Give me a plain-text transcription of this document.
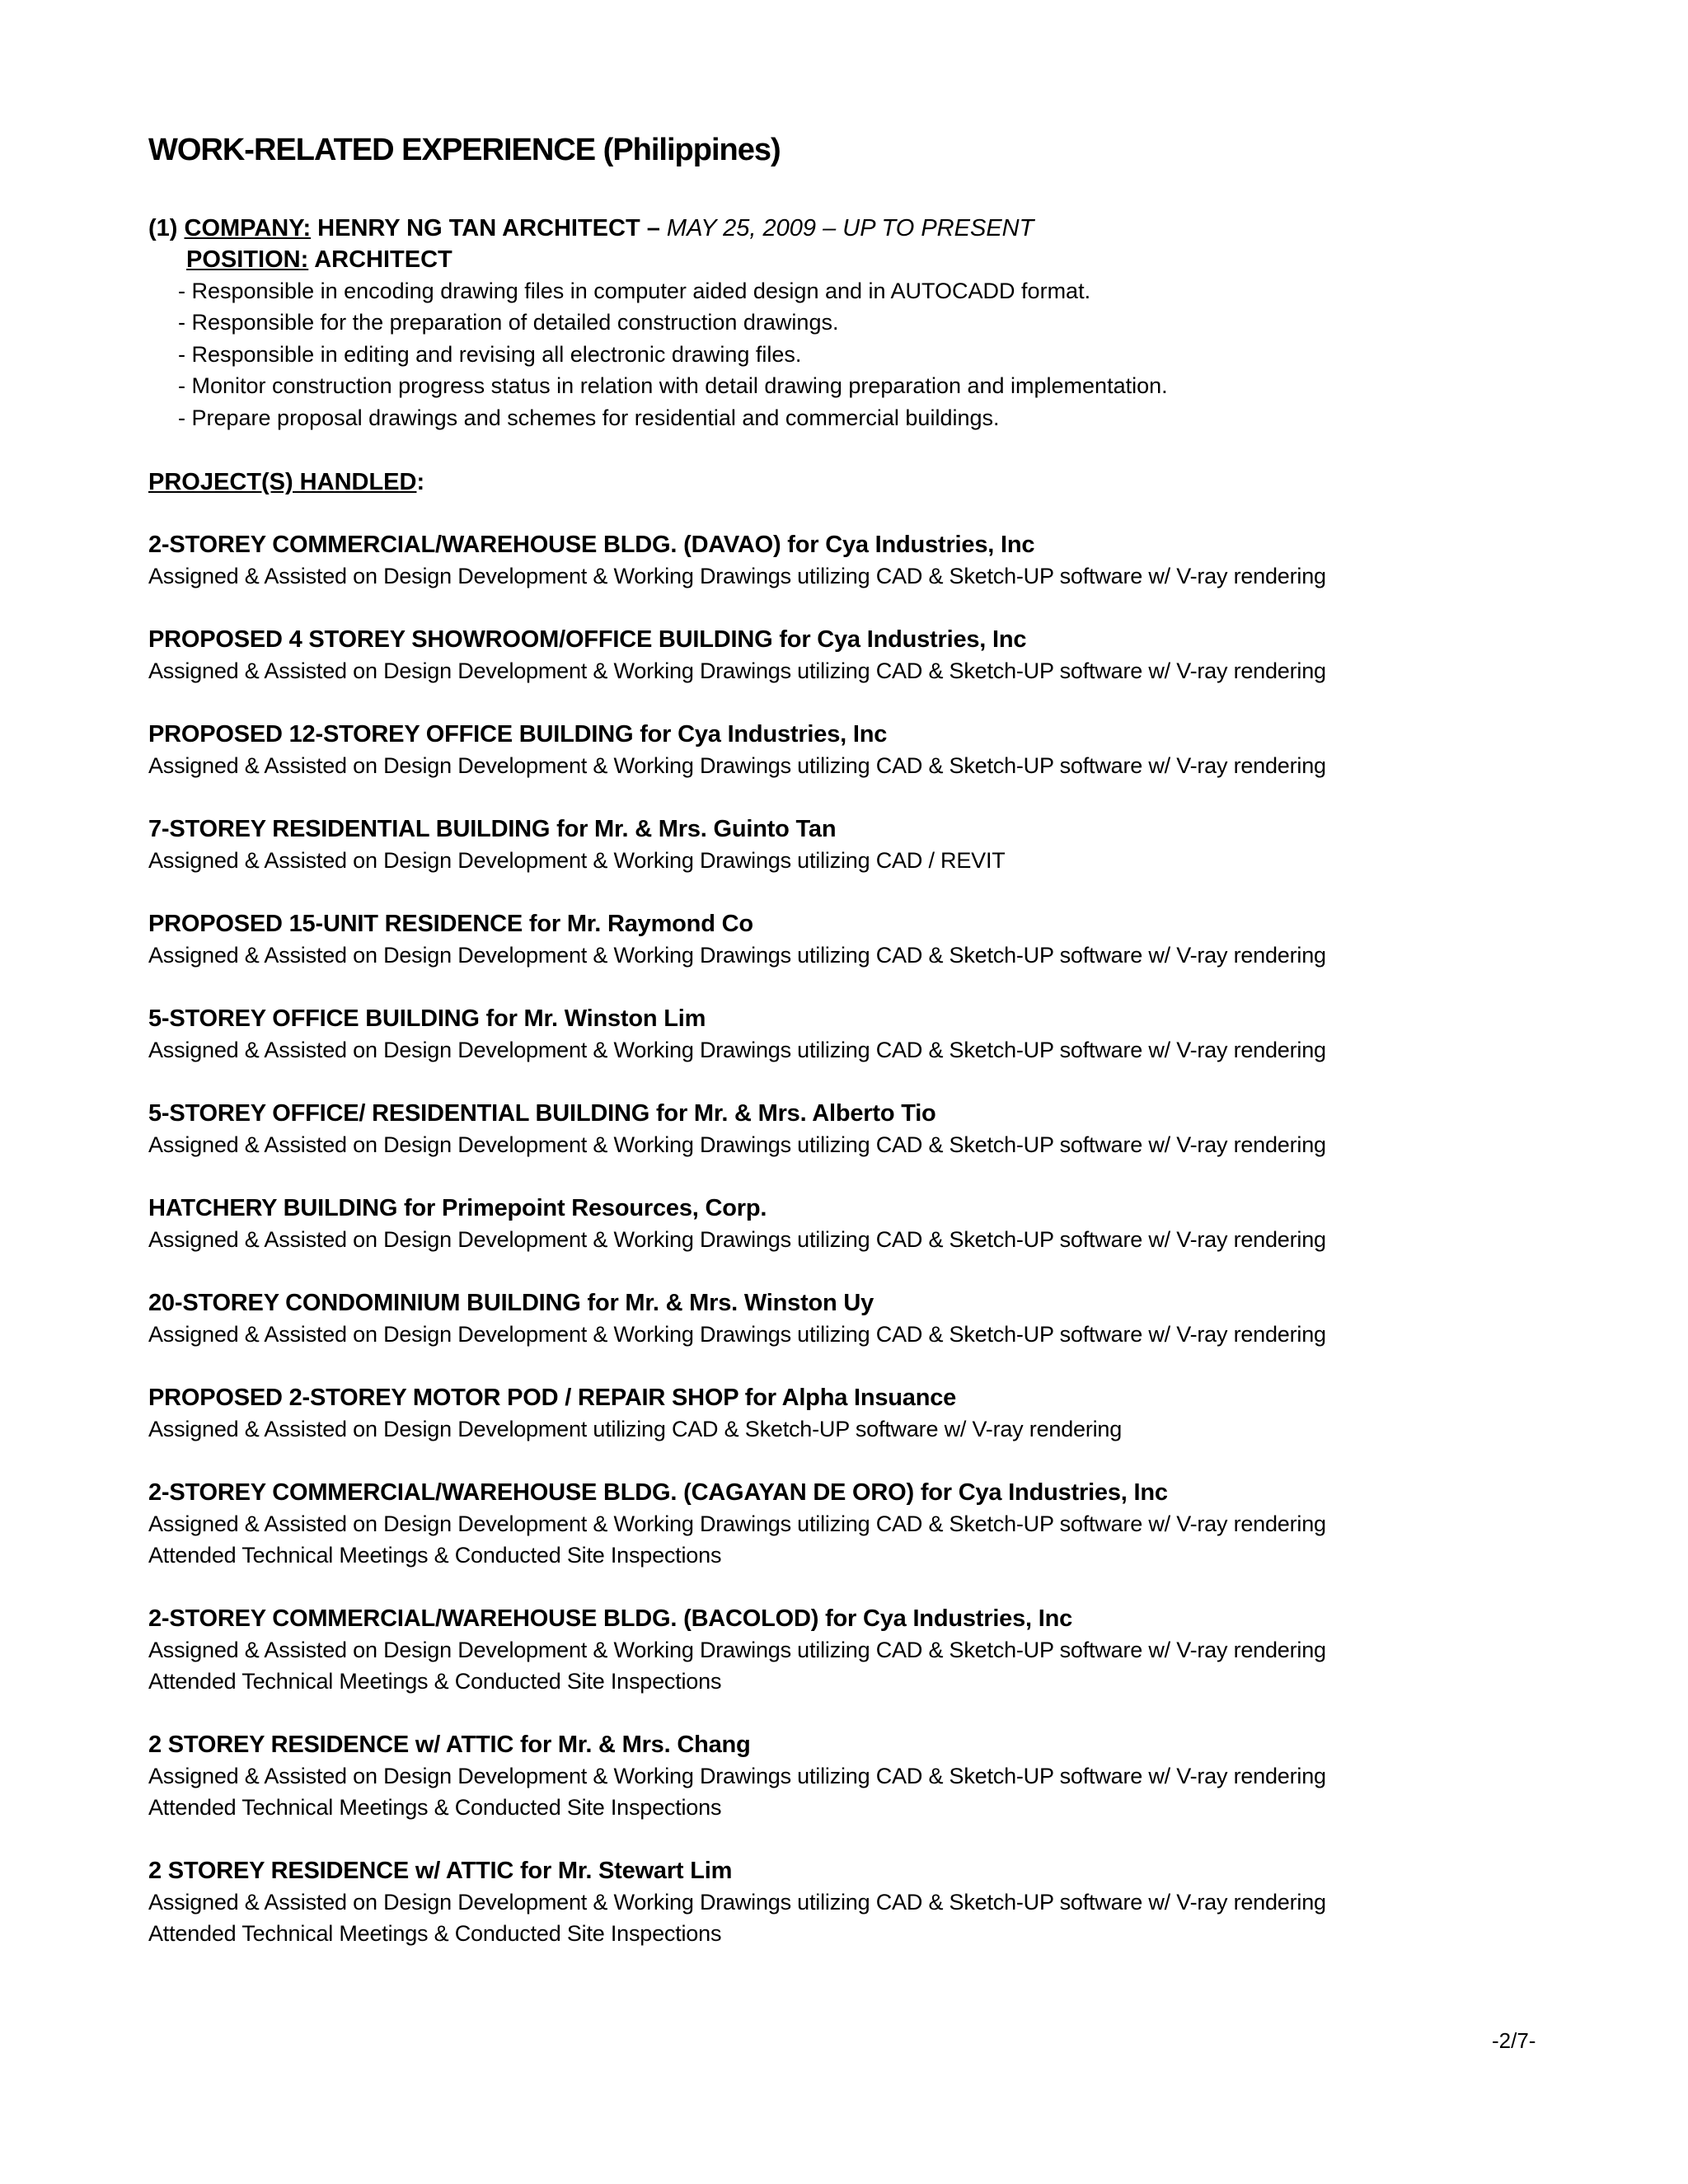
WORK-RELATED EXPERIENCE (Philippines)
(1) COMPANY: HENRY NG TAN ARCHITECT – MAY 25, 2009 – UP TO PRESENT
POSITION: ARCHITECT
- Responsible in encoding drawing files in computer aided design and in AUTOCADD format.
- Responsible for the preparation of detailed construction drawings.
- Responsible in editing and revising all electronic drawing files.
- Monitor construction progress status in relation with detail drawing preparation and implementation.
- Prepare proposal drawings and schemes for residential and commercial buildings.
PROJECT(S) HANDLED:
2-STOREY COMMERCIAL/WAREHOUSE BLDG. (DAVAO) for Cya Industries, Inc
Assigned & Assisted on Design Development & Working Drawings utilizing CAD & Sketch-UP software w/ V-ray rendering
PROPOSED 4 STOREY SHOWROOM/OFFICE BUILDING for Cya Industries, Inc
Assigned & Assisted on Design Development & Working Drawings utilizing CAD & Sketch-UP software w/ V-ray rendering
PROPOSED 12-STOREY OFFICE BUILDING for Cya Industries, Inc
Assigned & Assisted on Design Development & Working Drawings utilizing CAD & Sketch-UP software w/ V-ray rendering
7-STOREY RESIDENTIAL BUILDING for Mr. & Mrs. Guinto Tan
Assigned & Assisted on Design Development & Working Drawings utilizing CAD / REVIT
PROPOSED 15-UNIT RESIDENCE for Mr. Raymond Co
Assigned & Assisted on Design Development & Working Drawings utilizing CAD & Sketch-UP software w/ V-ray rendering
5-STOREY OFFICE BUILDING for Mr. Winston Lim
Assigned & Assisted on Design Development & Working Drawings utilizing CAD & Sketch-UP software w/ V-ray rendering
5-STOREY OFFICE/ RESIDENTIAL BUILDING for Mr. & Mrs. Alberto Tio
Assigned & Assisted on Design Development & Working Drawings utilizing CAD & Sketch-UP software w/ V-ray rendering
HATCHERY BUILDING for Primepoint Resources, Corp.
Assigned & Assisted on Design Development & Working Drawings utilizing CAD & Sketch-UP software w/ V-ray rendering
20-STOREY CONDOMINIUM BUILDING for Mr. & Mrs. Winston Uy
Assigned & Assisted on Design Development & Working Drawings utilizing CAD & Sketch-UP software w/ V-ray rendering
PROPOSED 2-STOREY MOTOR POD / REPAIR SHOP for Alpha Insuance
Assigned & Assisted on Design Development utilizing CAD & Sketch-UP software w/ V-ray rendering
2-STOREY COMMERCIAL/WAREHOUSE BLDG. (CAGAYAN DE ORO) for Cya Industries, Inc
Assigned & Assisted on Design Development & Working Drawings utilizing CAD & Sketch-UP software w/ V-ray rendering
Attended Technical Meetings & Conducted Site Inspections
2-STOREY COMMERCIAL/WAREHOUSE BLDG. (BACOLOD) for Cya Industries, Inc
Assigned & Assisted on Design Development & Working Drawings utilizing CAD & Sketch-UP software w/ V-ray rendering
Attended Technical Meetings & Conducted Site Inspections
2 STOREY RESIDENCE w/ ATTIC for Mr. & Mrs. Chang
Assigned & Assisted on Design Development & Working Drawings utilizing CAD & Sketch-UP software w/ V-ray rendering
Attended Technical Meetings & Conducted Site Inspections
2 STOREY RESIDENCE w/ ATTIC for Mr. Stewart Lim
Assigned & Assisted on Design Development & Working Drawings utilizing CAD & Sketch-UP software w/ V-ray rendering
Attended Technical Meetings & Conducted Site Inspections
-2/7-
